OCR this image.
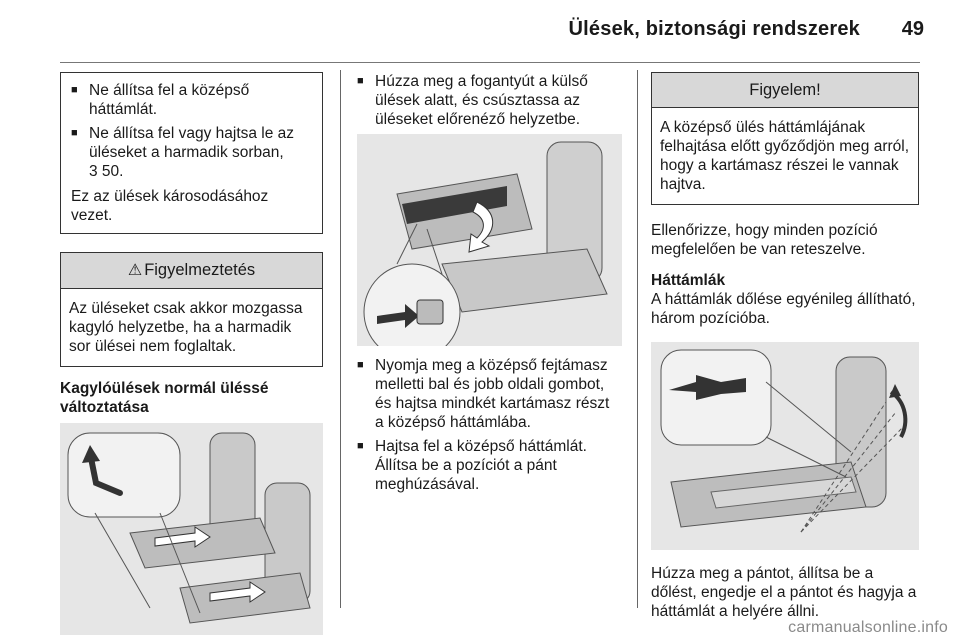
Ülések, biztonsági rendszerek	49
■ Ne állítsa fel a középső háttámlát.
■ Ne állítsa fel vagy hajtsa le az üléseket a harmadik sorban,
3 50.
Ez az ülések károsodásához vezet.
⚠ Figyelmeztetés
Az üléseket csak akkor mozgassa kagyló helyzetbe, ha a harmadik sor ülései nem foglaltak.
Kagylóülések normál üléssé változtatása
■ Húzza meg a fogantyút a külső ülések alatt, és csúsztassa az üléseket előrenéző helyzetbe.
■ Nyomja meg a középső fejtámasz melletti bal és jobb oldali gombot, és hajtsa mindkét kartámasz részt a középső háttámlába.
■ Hajtsa fel a középső háttámlát. Állítsa be a pozíciót a pánt meghúzásával.
Figyelem!
A középső ülés háttámlájának felhajtása előtt győződjön meg arról, hogy a kartámasz részei le vannak hajtva.
Ellenőrizze, hogy minden pozíció megfelelően be van reteszelve.
Háttámlák
A háttámlák dőlése egyénileg állítható, három pozícióba.
Húzza meg a pántot, állítsa be a dőlést, engedje el a pántot és hagyja a háttámlát a helyére állni.
carmanualsonline.info
